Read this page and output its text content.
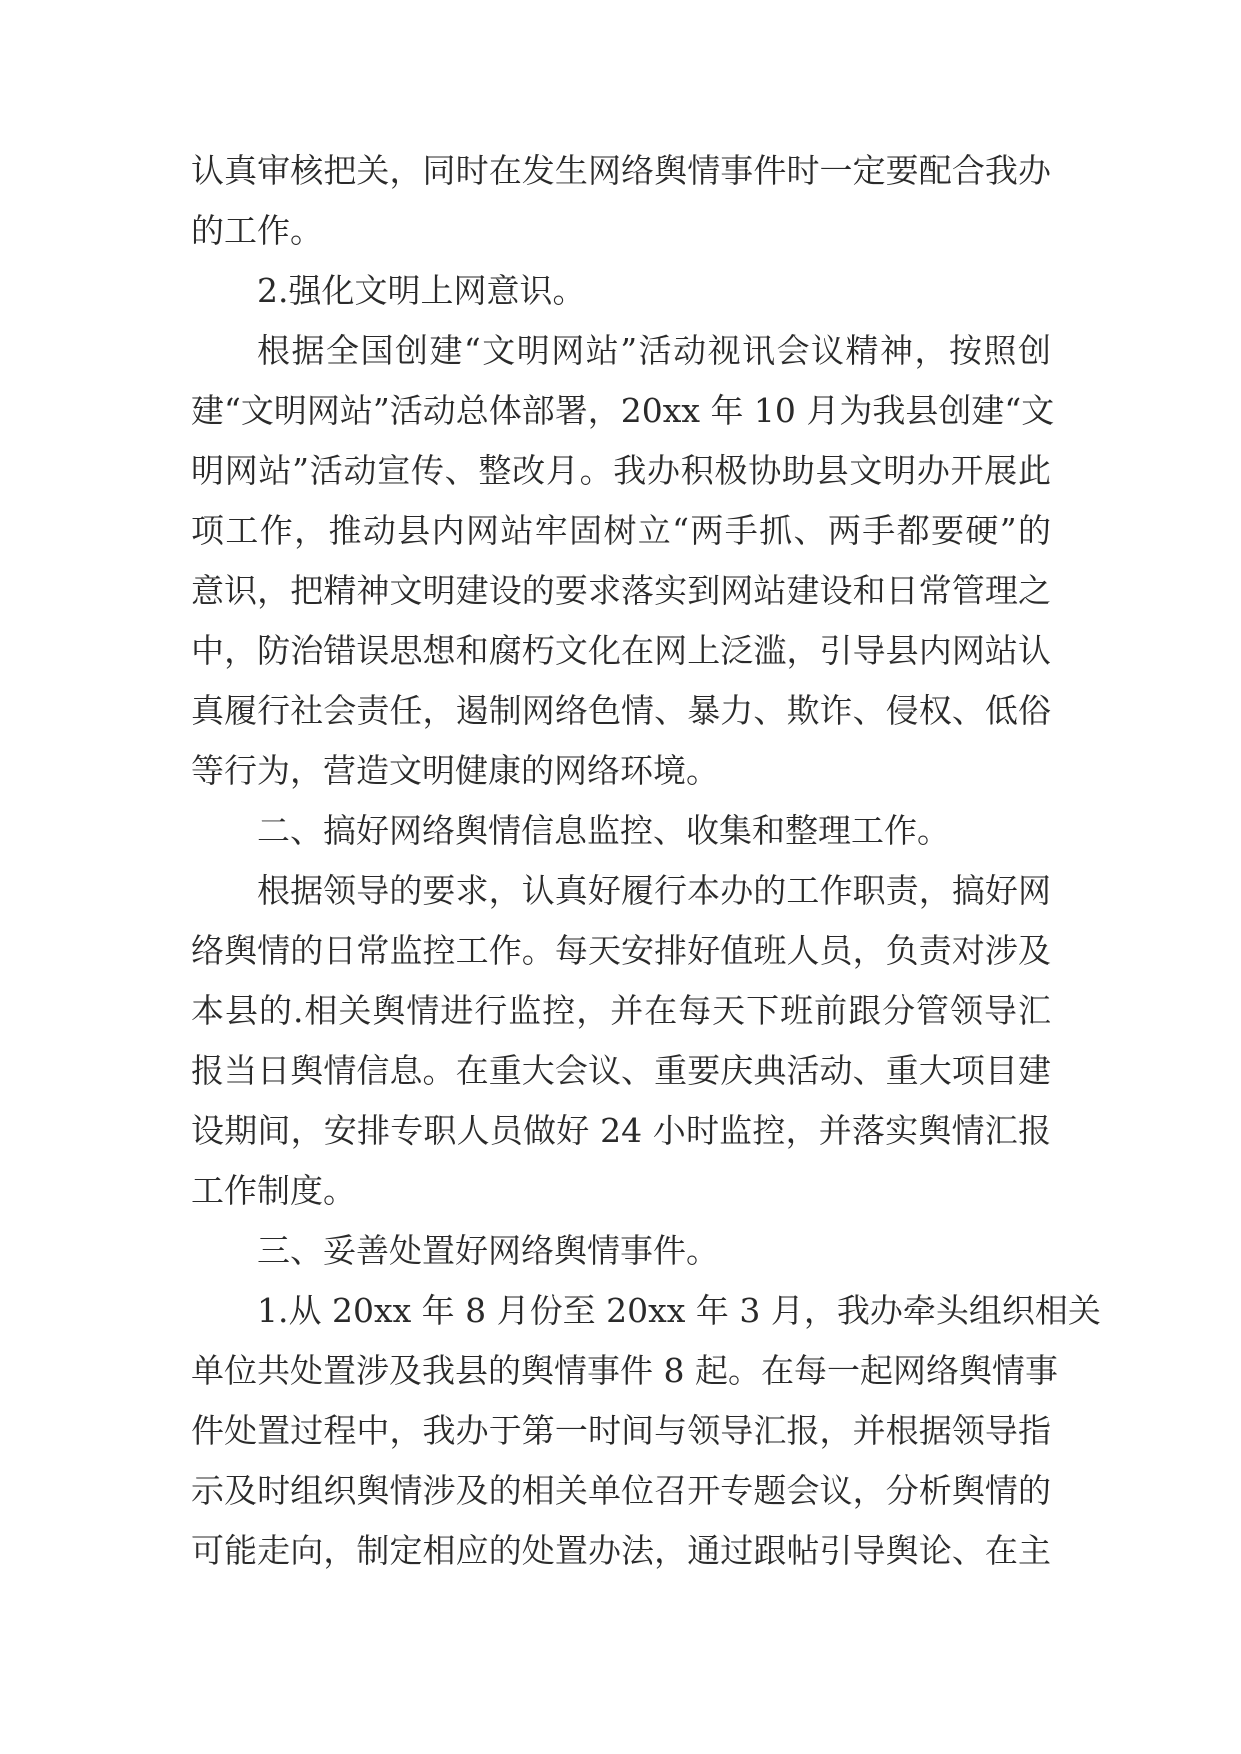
认真审核把关，同时在发生网络舆情事件时一定要配合我办
的工作。
2.强化文明上网意识。
根据全国创建“文明网站”活动视讯会议精神，按照创
建“文明网站”活动总体部署，20xx 年 10 月为我县创建“文
明网站”活动宣传、整改月。我办积极协助县文明办开展此
项工作，推动县内网站牢固树立“两手抓、两手都要硬”的
意识，把精神文明建设的要求落实到网站建设和日常管理之
中，防治错误思想和腐朽文化在网上泛滥，引导县内网站认
真履行社会责任，遏制网络色情、暴力、欺诈、侵权、低俗
等行为，营造文明健康的网络环境。
二、搞好网络舆情信息监控、收集和整理工作。
根据领导的要求，认真好履行本办的工作职责，搞好网
络舆情的日常监控工作。每天安排好值班人员，负责对涉及
本县的.相关舆情进行监控，并在每天下班前跟分管领导汇
报当日舆情信息。在重大会议、重要庆典活动、重大项目建
设期间，安排专职人员做好 24 小时监控，并落实舆情汇报
工作制度。
三、妥善处置好网络舆情事件。
1.从 20xx 年 8 月份至 20xx 年 3 月，我办牵头组织相关
单位共处置涉及我县的舆情事件 8 起。在每一起网络舆情事
件处置过程中，我办于第一时间与领导汇报，并根据领导指
示及时组织舆情涉及的相关单位召开专题会议，分析舆情的
可能走向，制定相应的处置办法，通过跟帖引导舆论、在主
